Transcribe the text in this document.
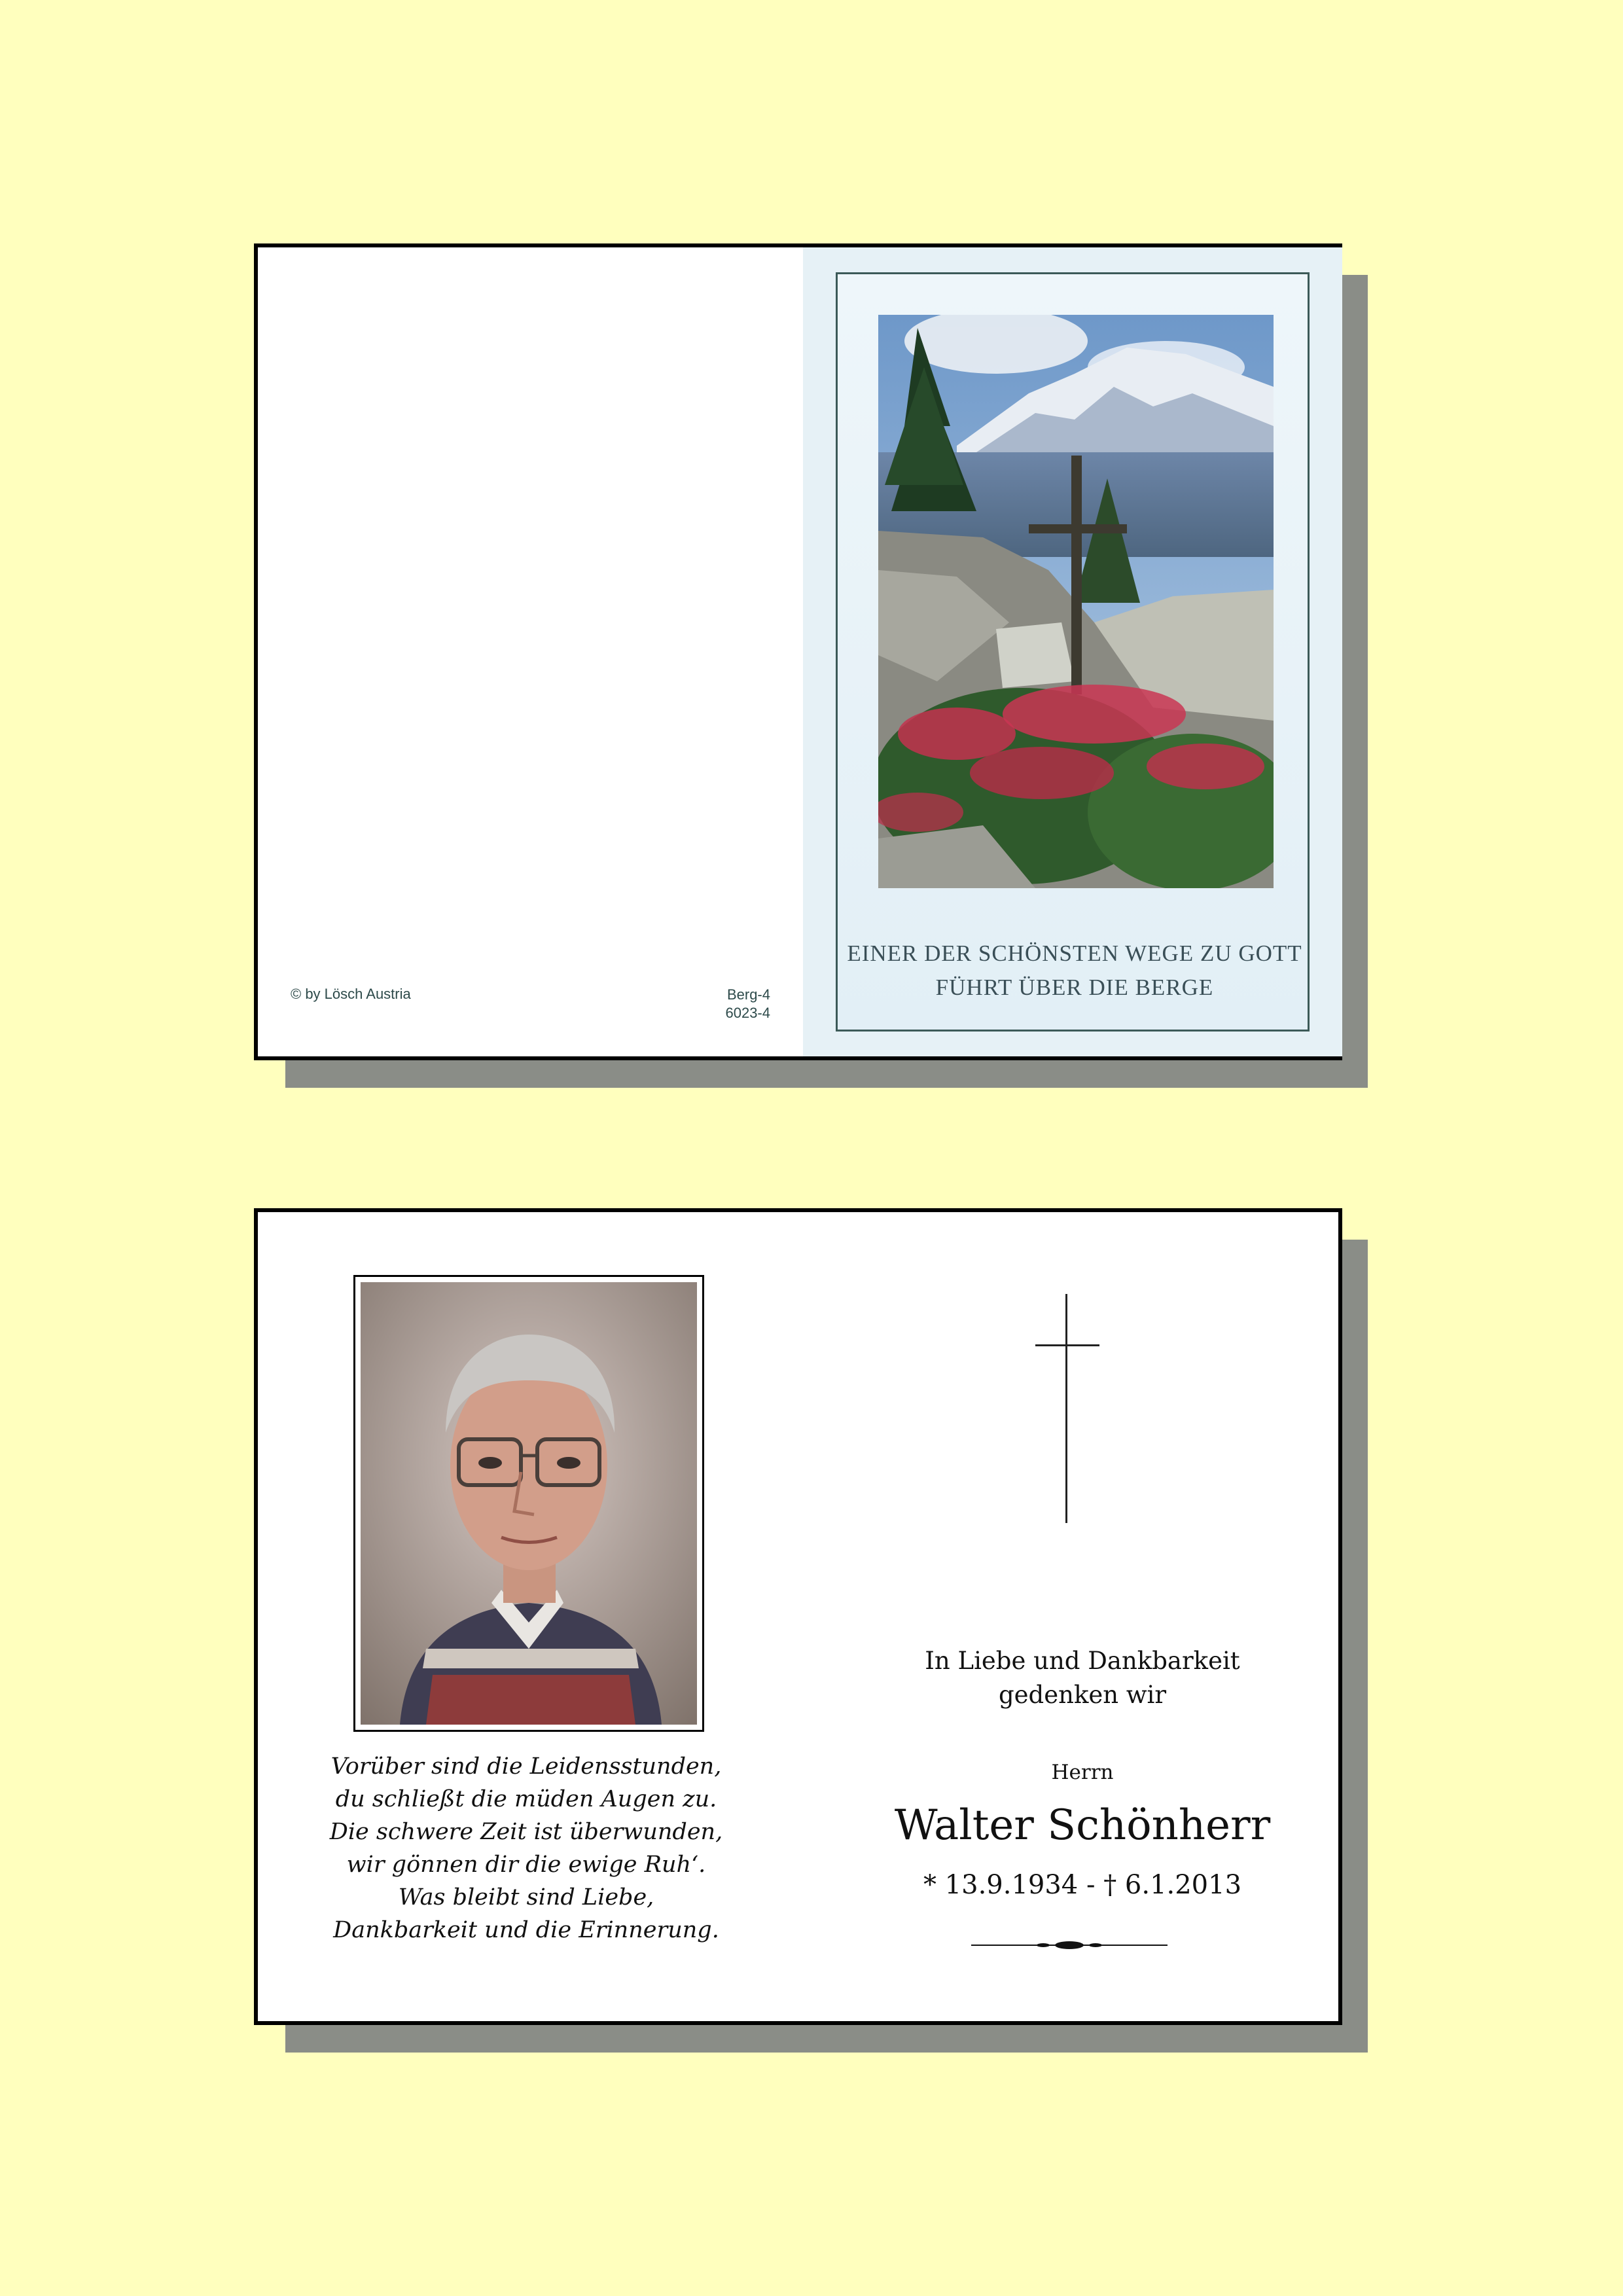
© by Lösch Austria	Berg-4
6023-4
EINER DER SCHÖNSTEN WEGE ZU GOTT
FÜHRT ÜBER DIE BERGE
Vorüber sind die Leidensstunden,
du schließt die müden Augen zu.
Die schwere Zeit ist überwunden,
wir gönnen dir die ewige Ruh‘.
Was bleibt sind Liebe,
Dankbarkeit und die Erinnerung.
In Liebe und Dankbarkeit
gedenken wir
Herrn
Walter Schönherr
* 13.9.1934 - † 6.1.2013
